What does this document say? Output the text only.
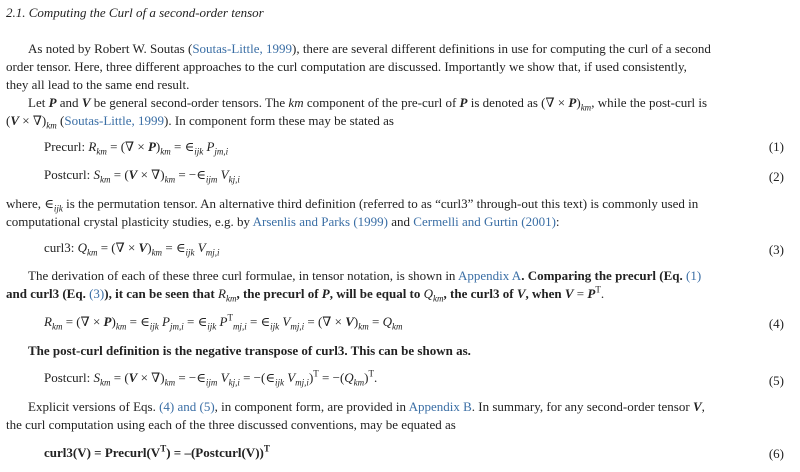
2.1. Computing the Curl of a second-order tensor
As noted by Robert W. Soutas (Soutas-Little, 1999), there are several different definitions in use for computing the curl of a second
order tensor. Here, three different approaches to the curl computation are discussed. Importantly we show that, if used consistently,
they all lead to the same end result.
Let P and V be general second-order tensors. The km component of the pre-curl of P is denoted as (∇ × $P)_{km}$, while the post-curl is
$(V \times \nabla)_{km}$ (Soutas-Little, 1999). In component form these may be stated as
Precurl: $R_{km}$ = (∇ × $P)_{km}$ = $\in_{ijk}$ $P_{jm,i}$	(1)
Postcurl: $S_{km} = (V \times \nabla)_{km}$ = $-\in_{ijm}$ $V_{kj,i}$	(2)
where, $\in_{ijk}$ is the permutation tensor. An alternative third definition (referred to as “curl3” through-out this text) is commonly used in
computational crystal plasticity studies, e.g. by Arsenlis and Parks (1999) and Cermelli and Gurtin (2001):
curl3: $Q_{km}$ = (∇ × $V)_{km}$ = $\in_{ijk}$ $V_{mj,i}$	(3)
The derivation of each of these three curl formulae, in tensor notation, is shown in Appendix A. Comparing the precurl (Eq. (1)
and curl3 (Eq. (3)), it can be seen that $R_{km}$, the precurl of P, will be equal to $Q_{km}$, the curl3 of V, when $V = P^T$.
$R_{km}$ = (∇ × $P)_{km}$ = $\in_{ijk}$ $P_{jm,i}$ = $\in_{ijk}$ $P^T_{mj,i}$ = $\in_{ijk}$ $V_{mj,i}$ = (∇ × $V)_{km} = Q_{km}$	(4)
The post-curl definition is the negative transpose of curl3. This can be shown as.
Postcurl: $S_{km} = (V \times \nabla)_{km}$ = $-\in_{ijm}$ $V_{kj,i}$ = $-(\in_{ijk}$ $V_{mj,i})^T = -(Q_{km})^T$.	(5)
Explicit versions of Eqs. (4) and (5), in component form, are provided in Appendix B. In summary, for any second-order tensor V,
the curl computation using each of the three discussed conventions, may be equated as
curl3(V) = $Precurl(V^T)$ = –(Postcurl(V))$^T$	(6)
